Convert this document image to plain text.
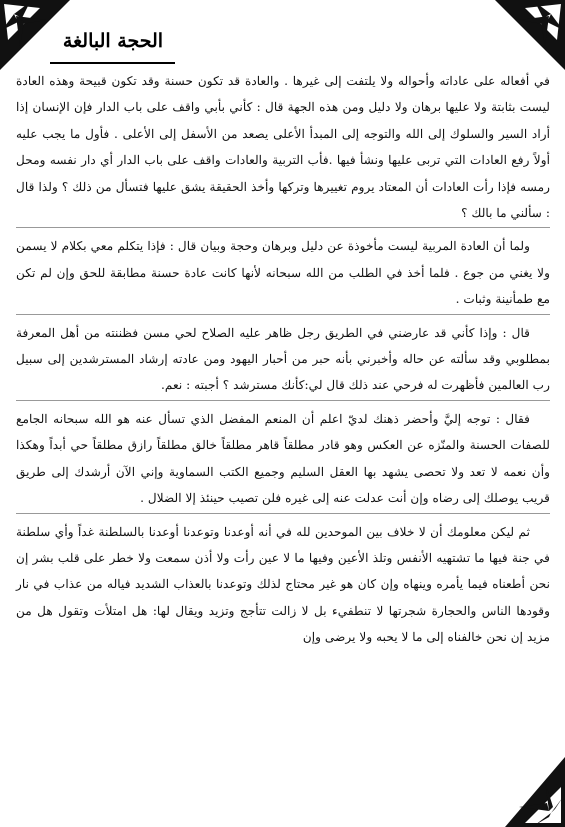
الحجة البالغة

في أفعاله على عاداته وأحواله ولا يلتفت إلى غيرها . والعادة قد تكون حسنة وقد تكون قبيحة وهذه العادة ليست بثابتة ولا عليها برهان ولا دليل ومن هذه الجهة قال : كأني بأبي واقف على باب الدار فإن الإنسان إذا أراد السير والسلوك إلى الله والتوجه إلى المبدأ الأعلى يصعد من الأسفل إلى الأعلى . فأول ما يجب عليه أولاً رفع العادات التي تربى عليها ونشأ فيها .فأب التربية والعادات واقف على باب الدار أي دار نفسه ومحل رمسه فإذا رأت العادات أن المعتاد يروم تغييرها وتركها وأخذ الحقيقة يشق عليها فتسأل من ذلك ؟ ولذا قال : سألني ما بالك ؟

ولما أن العادة المربية ليست مأخوذة عن دليل وبرهان وحجة وبيان قال : فإذا يتكلم معي بكلام لا يسمن ولا يغني من جوع . فلما أخذ في الطلب من الله سبحانه لأنها كانت عادة حسنة مطابقة للحق وإن لم تكن مع طمأنينة وثبات .

قال : وإذا كأني قد عارضني في الطريق رجل ظاهر عليه الصلاح لحي مسن فظننته من أهل المعرفة بمطلوبي وقد سألته عن حاله وأخبرني بأنه حبر من أحبار اليهود ومن عادته إرشاد المسترشدين إلى سبيل رب العالمين فأظهرت له فرحي عند ذلك قال لي:كأنك مسترشد ؟ أجبته : نعم.

فقال : توجه إليَّ وأحضر ذهنك لديّ اعلم أن المنعم المفضل الذي تسأل عنه هو الله سبحانه الجامع للصفات الحسنة والمنّزه عن العكس وهو قادر مطلقاً قاهر مطلقاً خالق مطلقاً رازق مطلقاً حي أبداً وهكذا وأن نعمه لا تعد ولا تحصى يشهد بها العقل السليم وجميع الكتب السماوية وإني الآن أرشدك إلى طريق قريب يوصلك إلى رضاه وإن أنت عدلت عنه إلى غيره فلن تصيب حينئذ إلا الضلال .

ثم ليكن معلومك أن لا خلاف بين الموحدين لله في أنه أوعدنا وتوعدنا أوعدنا بالسلطنة غداً وأي سلطنة في جنة فيها ما تشتهيه الأنفس وتلذ الأعين وفيها ما لا عين رأت ولا أذن سمعت ولا خطر على قلب بشر إن نحن أطعناه فيما يأمره وينهاه وإن كان هو غير محتاج لذلك وتوعدنا بالعذاب الشديد فياله من عذاب في نار وقودها الناس والحجارة شجرتها لا تنطفيء بل لا زالت تتأجج وتزيد ويقال لها: هل امتلأت وتقول هل من مزيد إن نحن خالفناه إلى ما لا يحبه ولا يرضى وإن
